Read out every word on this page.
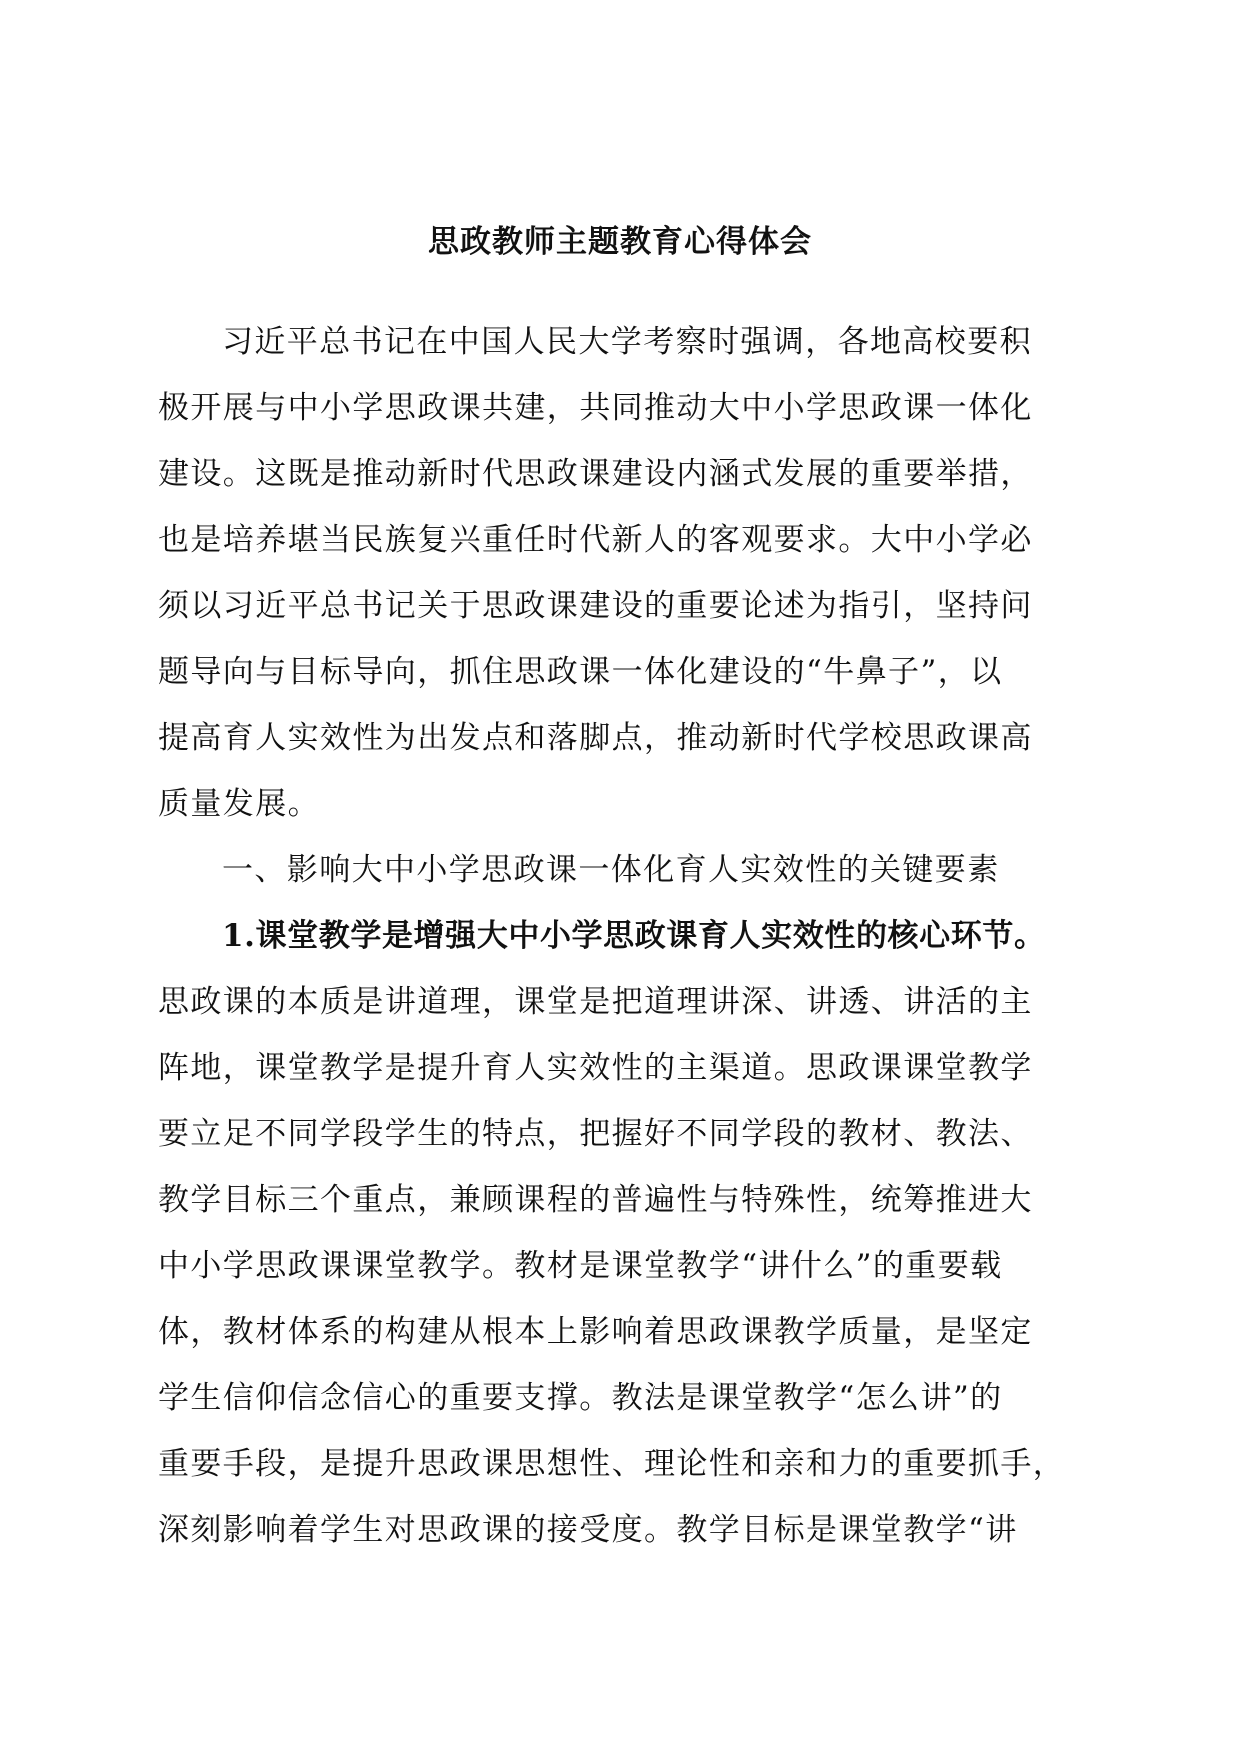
思政教师主题教育心得体会
习近平总书记在中国人民大学考察时强调，各地高校要积
极开展与中小学思政课共建，共同推动大中小学思政课一体化
建设。这既是推动新时代思政课建设内涵式发展的重要举措，
也是培养堪当民族复兴重任时代新人的客观要求。大中小学必
须以习近平总书记关于思政课建设的重要论述为指引，坚持问
题导向与目标导向，抓住思政课一体化建设的“牛鼻子”，以
提高育人实效性为出发点和落脚点，推动新时代学校思政课高
质量发展。
一、影响大中小学思政课一体化育人实效性的关键要素
1.课堂教学是增强大中小学思政课育人实效性的核心环节。
思政课的本质是讲道理，课堂是把道理讲深、讲透、讲活的主
阵地，课堂教学是提升育人实效性的主渠道。思政课课堂教学
要立足不同学段学生的特点，把握好不同学段的教材、教法、
教学目标三个重点，兼顾课程的普遍性与特殊性，统筹推进大
中小学思政课课堂教学。教材是课堂教学“讲什么”的重要载
体，教材体系的构建从根本上影响着思政课教学质量，是坚定
学生信仰信念信心的重要支撑。教法是课堂教学“怎么讲”的
重要手段，是提升思政课思想性、理论性和亲和力的重要抓手，
深刻影响着学生对思政课的接受度。教学目标是课堂教学“讲
